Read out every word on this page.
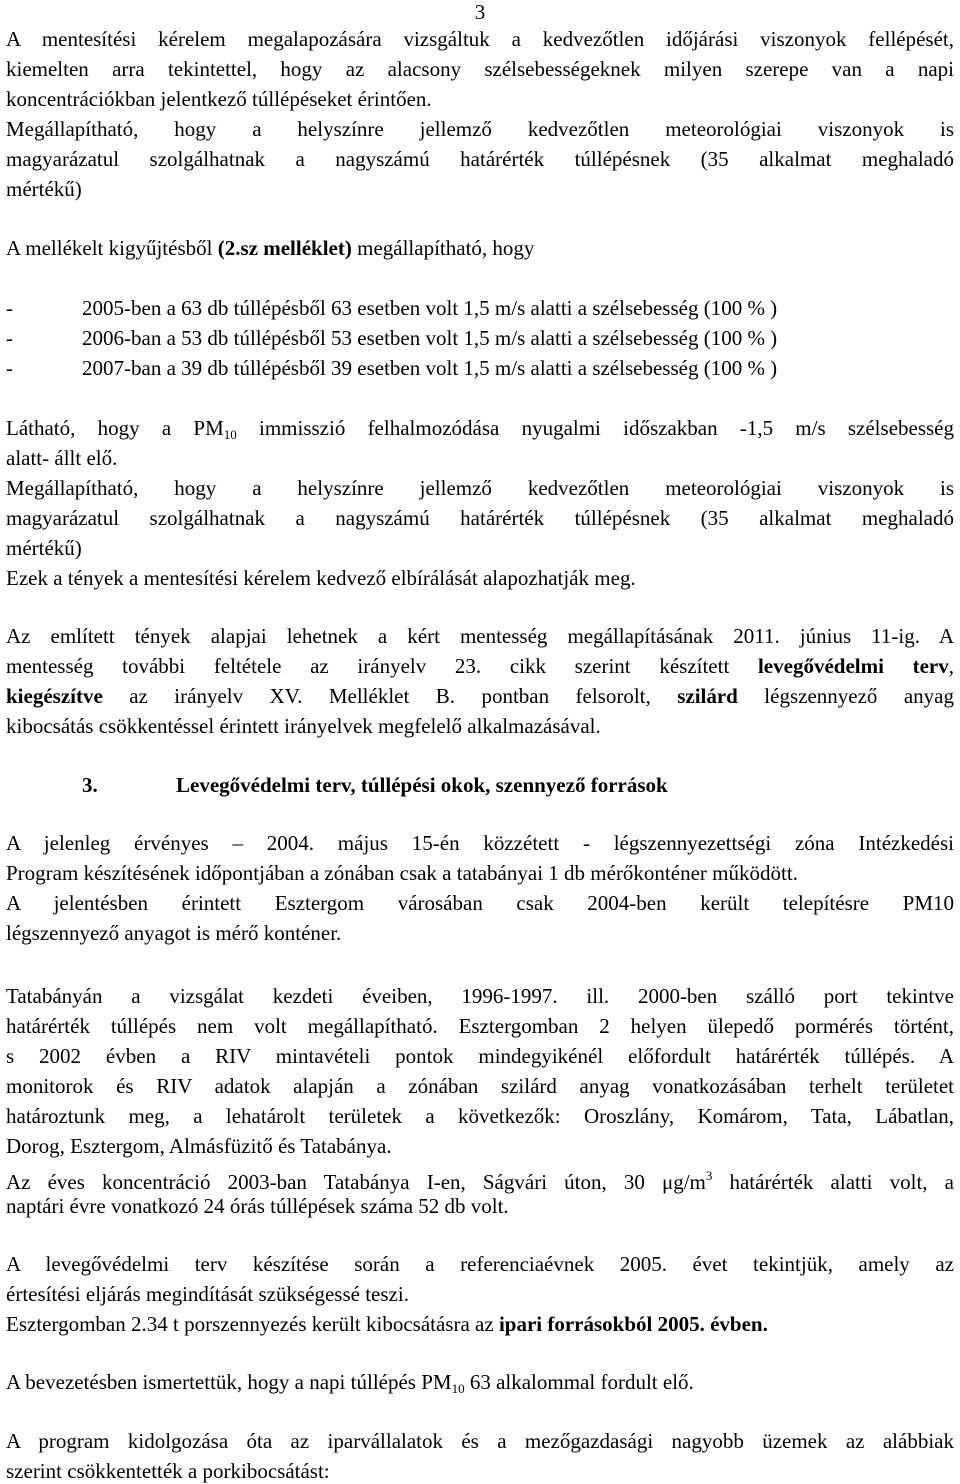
3
A mentesítési kérelem megalapozására vizsgáltuk a kedvezőtlen időjárási viszonyok fellépését,
kiemelten arra tekintettel, hogy az alacsony szélsebességeknek milyen szerepe van a napi
koncentrációkban jelentkező túllépéseket érintően.
Megállapítható, hogy a helyszínre jellemző kedvezőtlen meteorológiai viszonyok is
magyarázatul szolgálhatnak a nagyszámú határérték túllépésnek (35 alkalmat meghaladó
mértékű)
A mellékelt kigyűjtésből (2.sz melléklet) megállapítható, hogy
-	2005-ben a 63 db túllépésből 63 esetben volt 1,5 m/s alatti a szélsebesség (100 % )
-	2006-ban a 53 db túllépésből 53 esetben volt 1,5 m/s alatti a szélsebesség (100 % )
-	2007-ban a 39 db túllépésből 39 esetben volt 1,5 m/s alatti a szélsebesség (100 % )
Látható, hogy a $PM_{10}$ immisszió felhalmozódása nyugalmi időszakban -1,5 m/s szélsebesség
alatt- állt elő.
Megállapítható, hogy a helyszínre jellemző kedvezőtlen meteorológiai viszonyok is
magyarázatul szolgálhatnak a nagyszámú határérték túllépésnek (35 alkalmat meghaladó
mértékű)
Ezek a tények a mentesítési kérelem kedvező elbírálását alapozhatják meg.
Az említett tények alapjai lehetnek a kért mentesség megállapításának 2011. június 11-ig. A
mentesség további feltétele az irányelv 23. cikk szerint készített levegővédelmi terv,
kiegészítve az irányelv XV. Melléklet B. pontban felsorolt, szilárd légszennyező anyag
kibocsátás csökkentéssel érintett irányelvek megfelelő alkalmazásával.
3.	Levegővédelmi terv, túllépési okok, szennyező források
A jelenleg érvényes – 2004. május 15-én közzétett - légszennyezettségi zóna Intézkedési
Program készítésének időpontjában a zónában csak a tatabányai 1 db mérőkonténer működött.
A jelentésben érintett Esztergom városában csak 2004-ben került telepítésre PM10
légszennyező anyagot is mérő konténer.
Tatabányán a vizsgálat kezdeti éveiben, 1996-1997. ill. 2000-ben szálló port tekintve
határérték túllépés nem volt megállapítható. Esztergomban 2 helyen ülepedő pormérés történt,
s 2002 évben a RIV mintavételi pontok mindegyikénél előfordult határérték túllépés. A
monitorok és RIV adatok alapján a zónában szilárd anyag vonatkozásában terhelt területet
határoztunk meg, a lehatárolt területek a következők: Oroszlány, Komárom, Tata, Lábatlan,
Dorog, Esztergom, Almásfüzitő és Tatabánya.
Az éves koncentráció 2003-ban Tatabánya I-en, Ságvári úton, 30 $\mu g/m^3$ határérték alatti volt, a
naptári évre vonatkozó 24 órás túllépések száma 52 db volt.
A levegővédelmi terv készítése során a referenciaévnek 2005. évet tekintjük, amely az
értesítési eljárás megindítását szükségessé teszi.
Esztergomban 2.34 t porszennyezés került kibocsátásra az ipari forrásokból 2005. évben.
A bevezetésben ismertettük, hogy a napi túllépés $PM_{10}$ 63 alkalommal fordult elő.
A program kidolgozása óta az iparvállalatok és a mezőgazdasági nagyobb üzemek az alábbiak
szerint csökkentették a porkibocsátást:
